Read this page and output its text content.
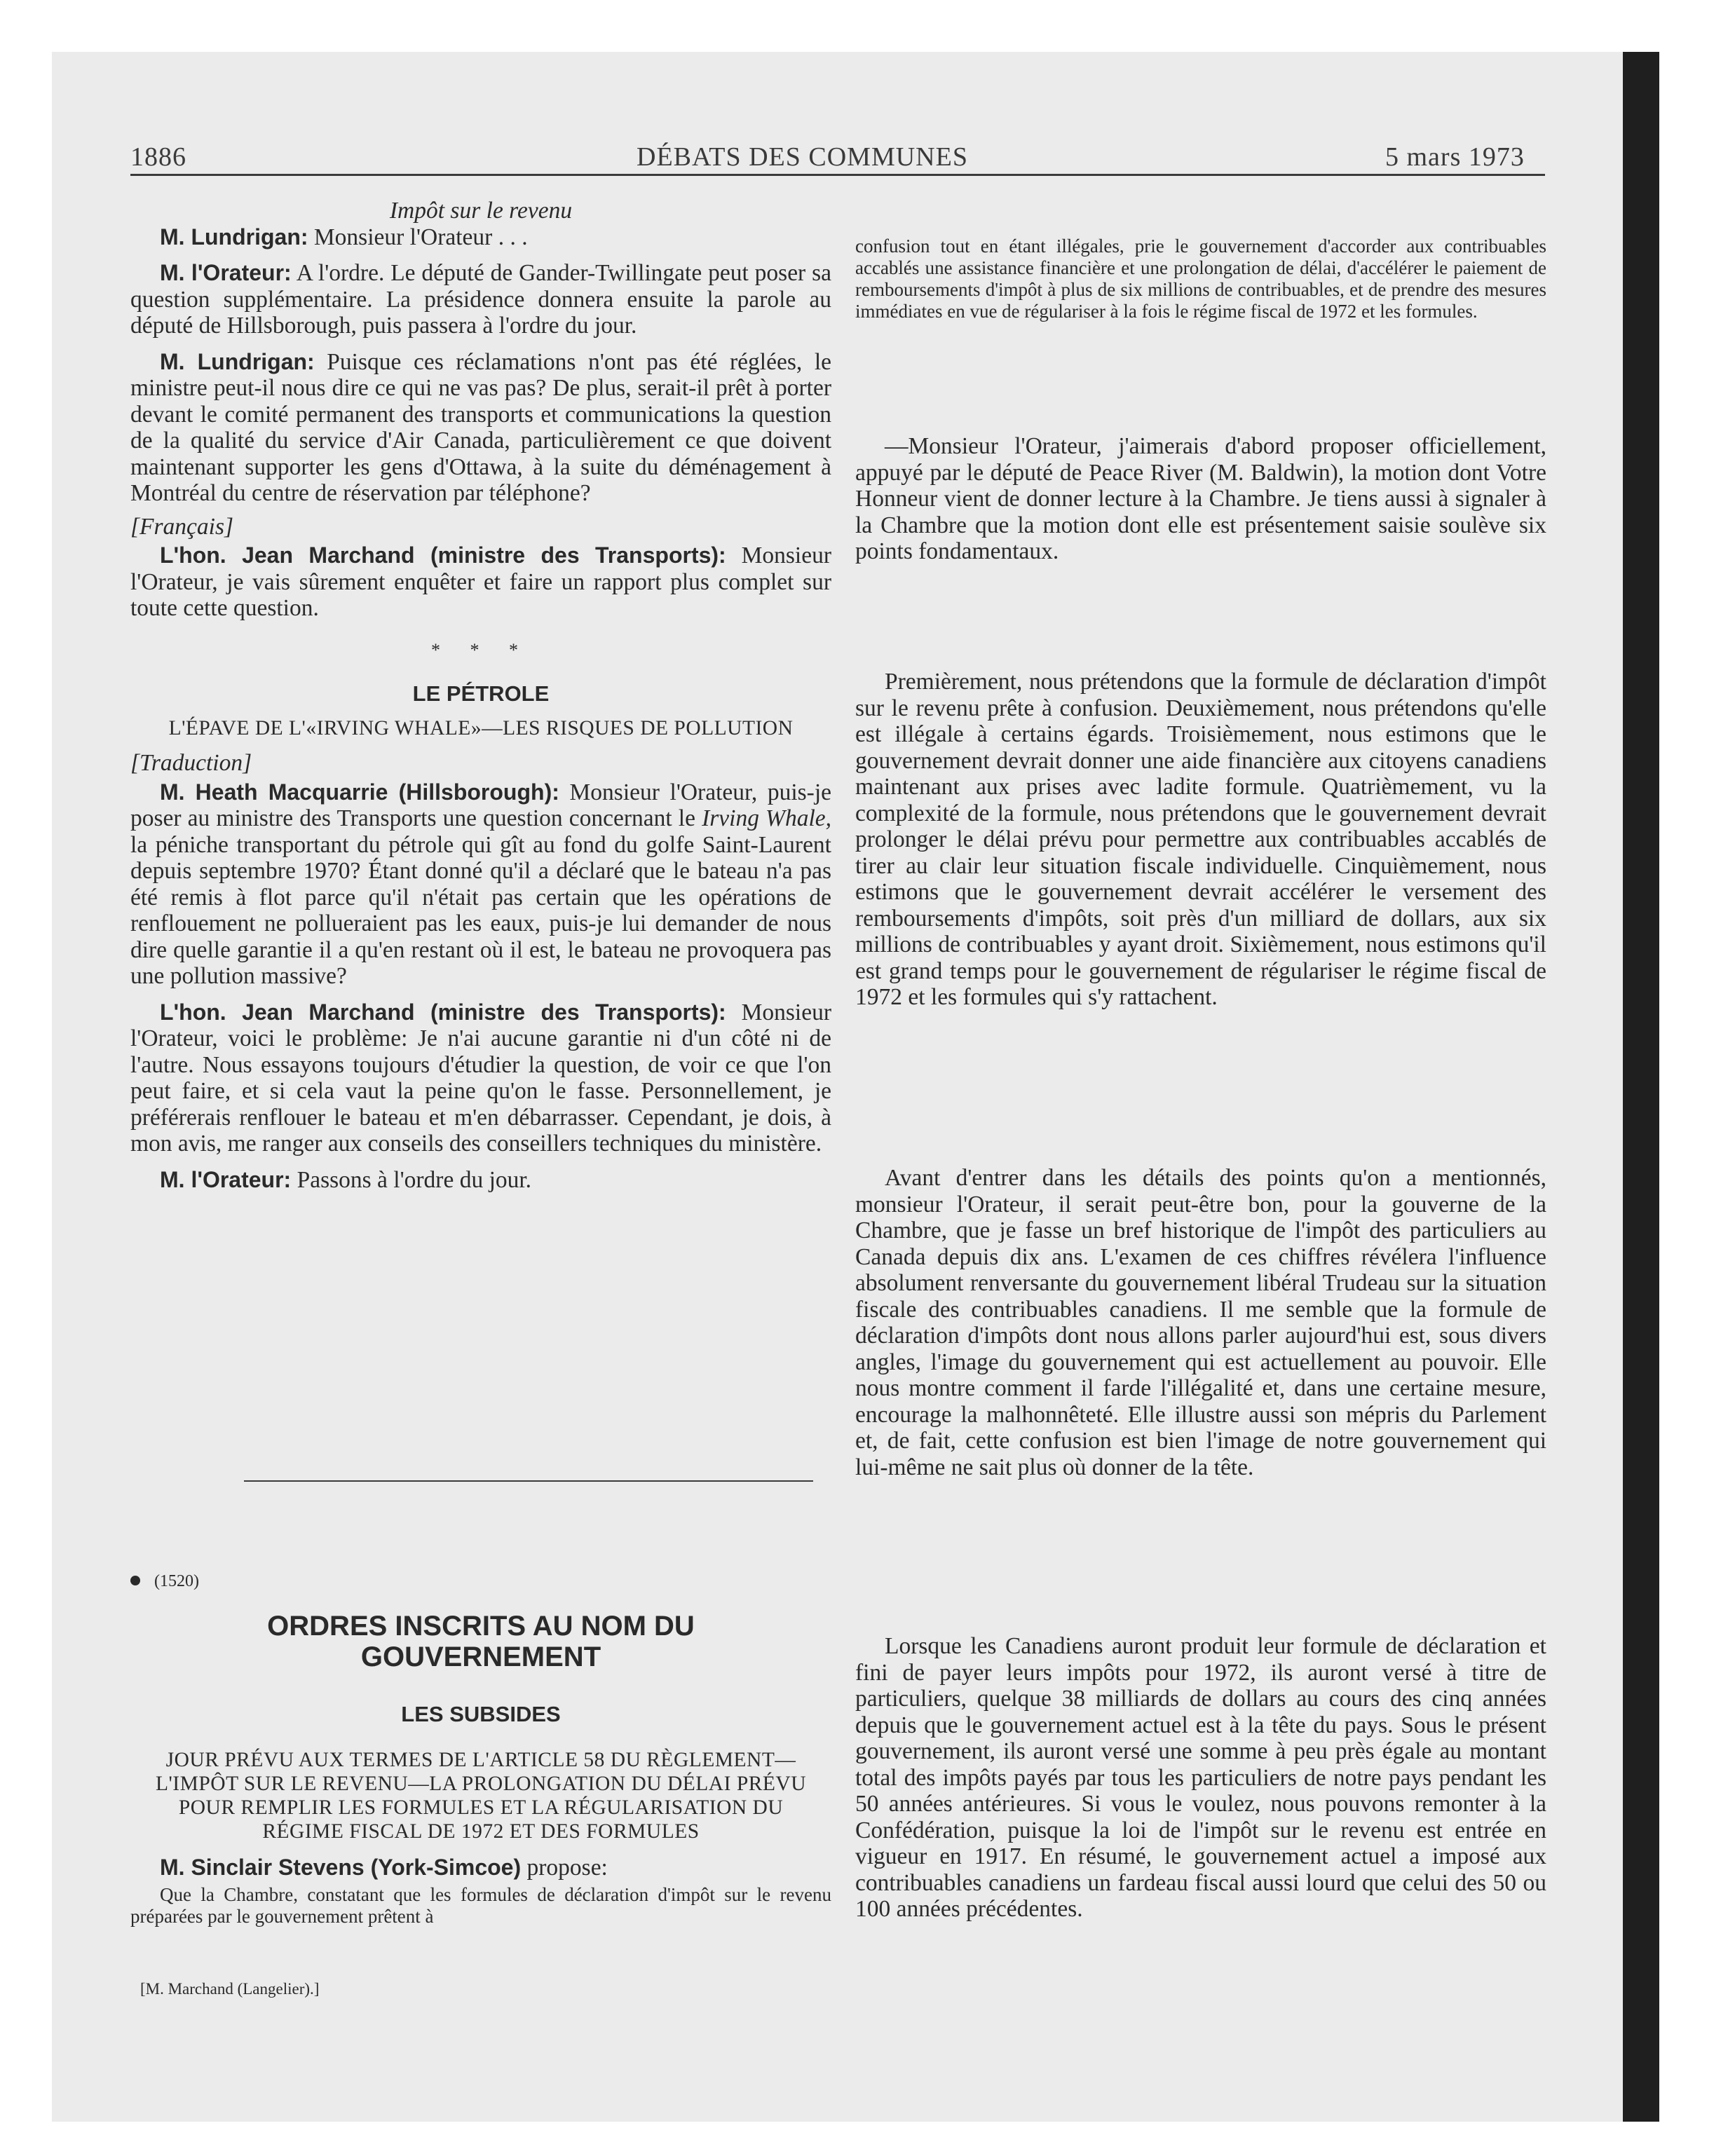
1886	DÉBATS DES COMMUNES	5 mars 1973

Impôt sur le revenu

M. Lundrigan: Monsieur l'Orateur . . .

M. l'Orateur: A l'ordre. Le député de Gander-Twillingate peut poser sa question supplémentaire. La présidence donnera ensuite la parole au député de Hillsborough, puis passera à l'ordre du jour.

M. Lundrigan: Puisque ces réclamations n'ont pas été réglées, le ministre peut-il nous dire ce qui ne vas pas? De plus, serait-il prêt à porter devant le comité permanent des transports et communications la question de la qualité du service d'Air Canada, particulièrement ce que doivent maintenant supporter les gens d'Ottawa, à la suite du déménagement à Montréal du centre de réservation par téléphone?

[Français]

L'hon. Jean Marchand (ministre des Transports): Monsieur l'Orateur, je vais sûrement enquêter et faire un rapport plus complet sur toute cette question.

* * *

LE PÉTROLE

L'ÉPAVE DE L'«IRVING WHALE»—LES RISQUES DE POLLUTION

[Traduction]

M. Heath Macquarrie (Hillsborough): Monsieur l'Orateur, puis-je poser au ministre des Transports une question concernant le Irving Whale, la péniche transportant du pétrole qui gît au fond du golfe Saint-Laurent depuis septembre 1970? Étant donné qu'il a déclaré que le bateau n'a pas été remis à flot parce qu'il n'était pas certain que les opérations de renflouement ne pollueraient pas les eaux, puis-je lui demander de nous dire quelle garantie il a qu'en restant où il est, le bateau ne provoquera pas une pollution massive?

L'hon. Jean Marchand (ministre des Transports): Monsieur l'Orateur, voici le problème: Je n'ai aucune garantie ni d'un côté ni de l'autre. Nous essayons toujours d'étudier la question, de voir ce que l'on peut faire, et si cela vaut la peine qu'on le fasse. Personnellement, je préférerais renflouer le bateau et m'en débarrasser. Cependant, je dois, à mon avis, me ranger aux conseils des conseillers techniques du ministère.

M. l'Orateur: Passons à l'ordre du jour.

(1520)

ORDRES INSCRITS AU NOM DU GOUVERNEMENT

LES SUBSIDES

JOUR PRÉVU AUX TERMES DE L'ARTICLE 58 DU RÈGLEMENT—L'IMPÔT SUR LE REVENU—LA PROLONGATION DU DÉLAI PRÉVU POUR REMPLIR LES FORMULES ET LA RÉGULARISATION DU RÉGIME FISCAL DE 1972 ET DES FORMULES

M. Sinclair Stevens (York-Simcoe) propose:

Que la Chambre, constatant que les formules de déclaration d'impôt sur le revenu préparées par le gouvernement prêtent à

[M. Marchand (Langelier).]

confusion tout en étant illégales, prie le gouvernement d'accorder aux contribuables accablés une assistance financière et une prolongation de délai, d'accélérer le paiement de remboursements d'impôt à plus de six millions de contribuables, et de prendre des mesures immédiates en vue de régulariser à la fois le régime fiscal de 1972 et les formules.

—Monsieur l'Orateur, j'aimerais d'abord proposer officiellement, appuyé par le député de Peace River (M. Baldwin), la motion dont Votre Honneur vient de donner lecture à la Chambre. Je tiens aussi à signaler à la Chambre que la motion dont elle est présentement saisie soulève six points fondamentaux.

Premièrement, nous prétendons que la formule de déclaration d'impôt sur le revenu prête à confusion. Deuxièmement, nous prétendons qu'elle est illégale à certains égards. Troisièmement, nous estimons que le gouvernement devrait donner une aide financière aux citoyens canadiens maintenant aux prises avec ladite formule. Quatrièmement, vu la complexité de la formule, nous prétendons que le gouvernement devrait prolonger le délai prévu pour permettre aux contribuables accablés de tirer au clair leur situation fiscale individuelle. Cinquièmement, nous estimons que le gouvernement devrait accélérer le versement des remboursements d'impôts, soit près d'un milliard de dollars, aux six millions de contribuables y ayant droit. Sixièmement, nous estimons qu'il est grand temps pour le gouvernement de régulariser le régime fiscal de 1972 et les formules qui s'y rattachent.

Avant d'entrer dans les détails des points qu'on a mentionnés, monsieur l'Orateur, il serait peut-être bon, pour la gouverne de la Chambre, que je fasse un bref historique de l'impôt des particuliers au Canada depuis dix ans. L'examen de ces chiffres révélera l'influence absolument renversante du gouvernement libéral Trudeau sur la situation fiscale des contribuables canadiens. Il me semble que la formule de déclaration d'impôts dont nous allons parler aujourd'hui est, sous divers angles, l'image du gouvernement qui est actuellement au pouvoir. Elle nous montre comment il farde l'illégalité et, dans une certaine mesure, encourage la malhonnêteté. Elle illustre aussi son mépris du Parlement et, de fait, cette confusion est bien l'image de notre gouvernement qui lui-même ne sait plus où donner de la tête.

Lorsque les Canadiens auront produit leur formule de déclaration et fini de payer leurs impôts pour 1972, ils auront versé à titre de particuliers, quelque 38 milliards de dollars au cours des cinq années depuis que le gouvernement actuel est à la tête du pays. Sous le présent gouvernement, ils auront versé une somme à peu près égale au montant total des impôts payés par tous les particuliers de notre pays pendant les 50 années antérieures. Si vous le voulez, nous pouvons remonter à la Confédération, puisque la loi de l'impôt sur le revenu est entrée en vigueur en 1917. En résumé, le gouvernement actuel a imposé aux contribuables canadiens un fardeau fiscal aussi lourd que celui des 50 ou 100 années précédentes.
